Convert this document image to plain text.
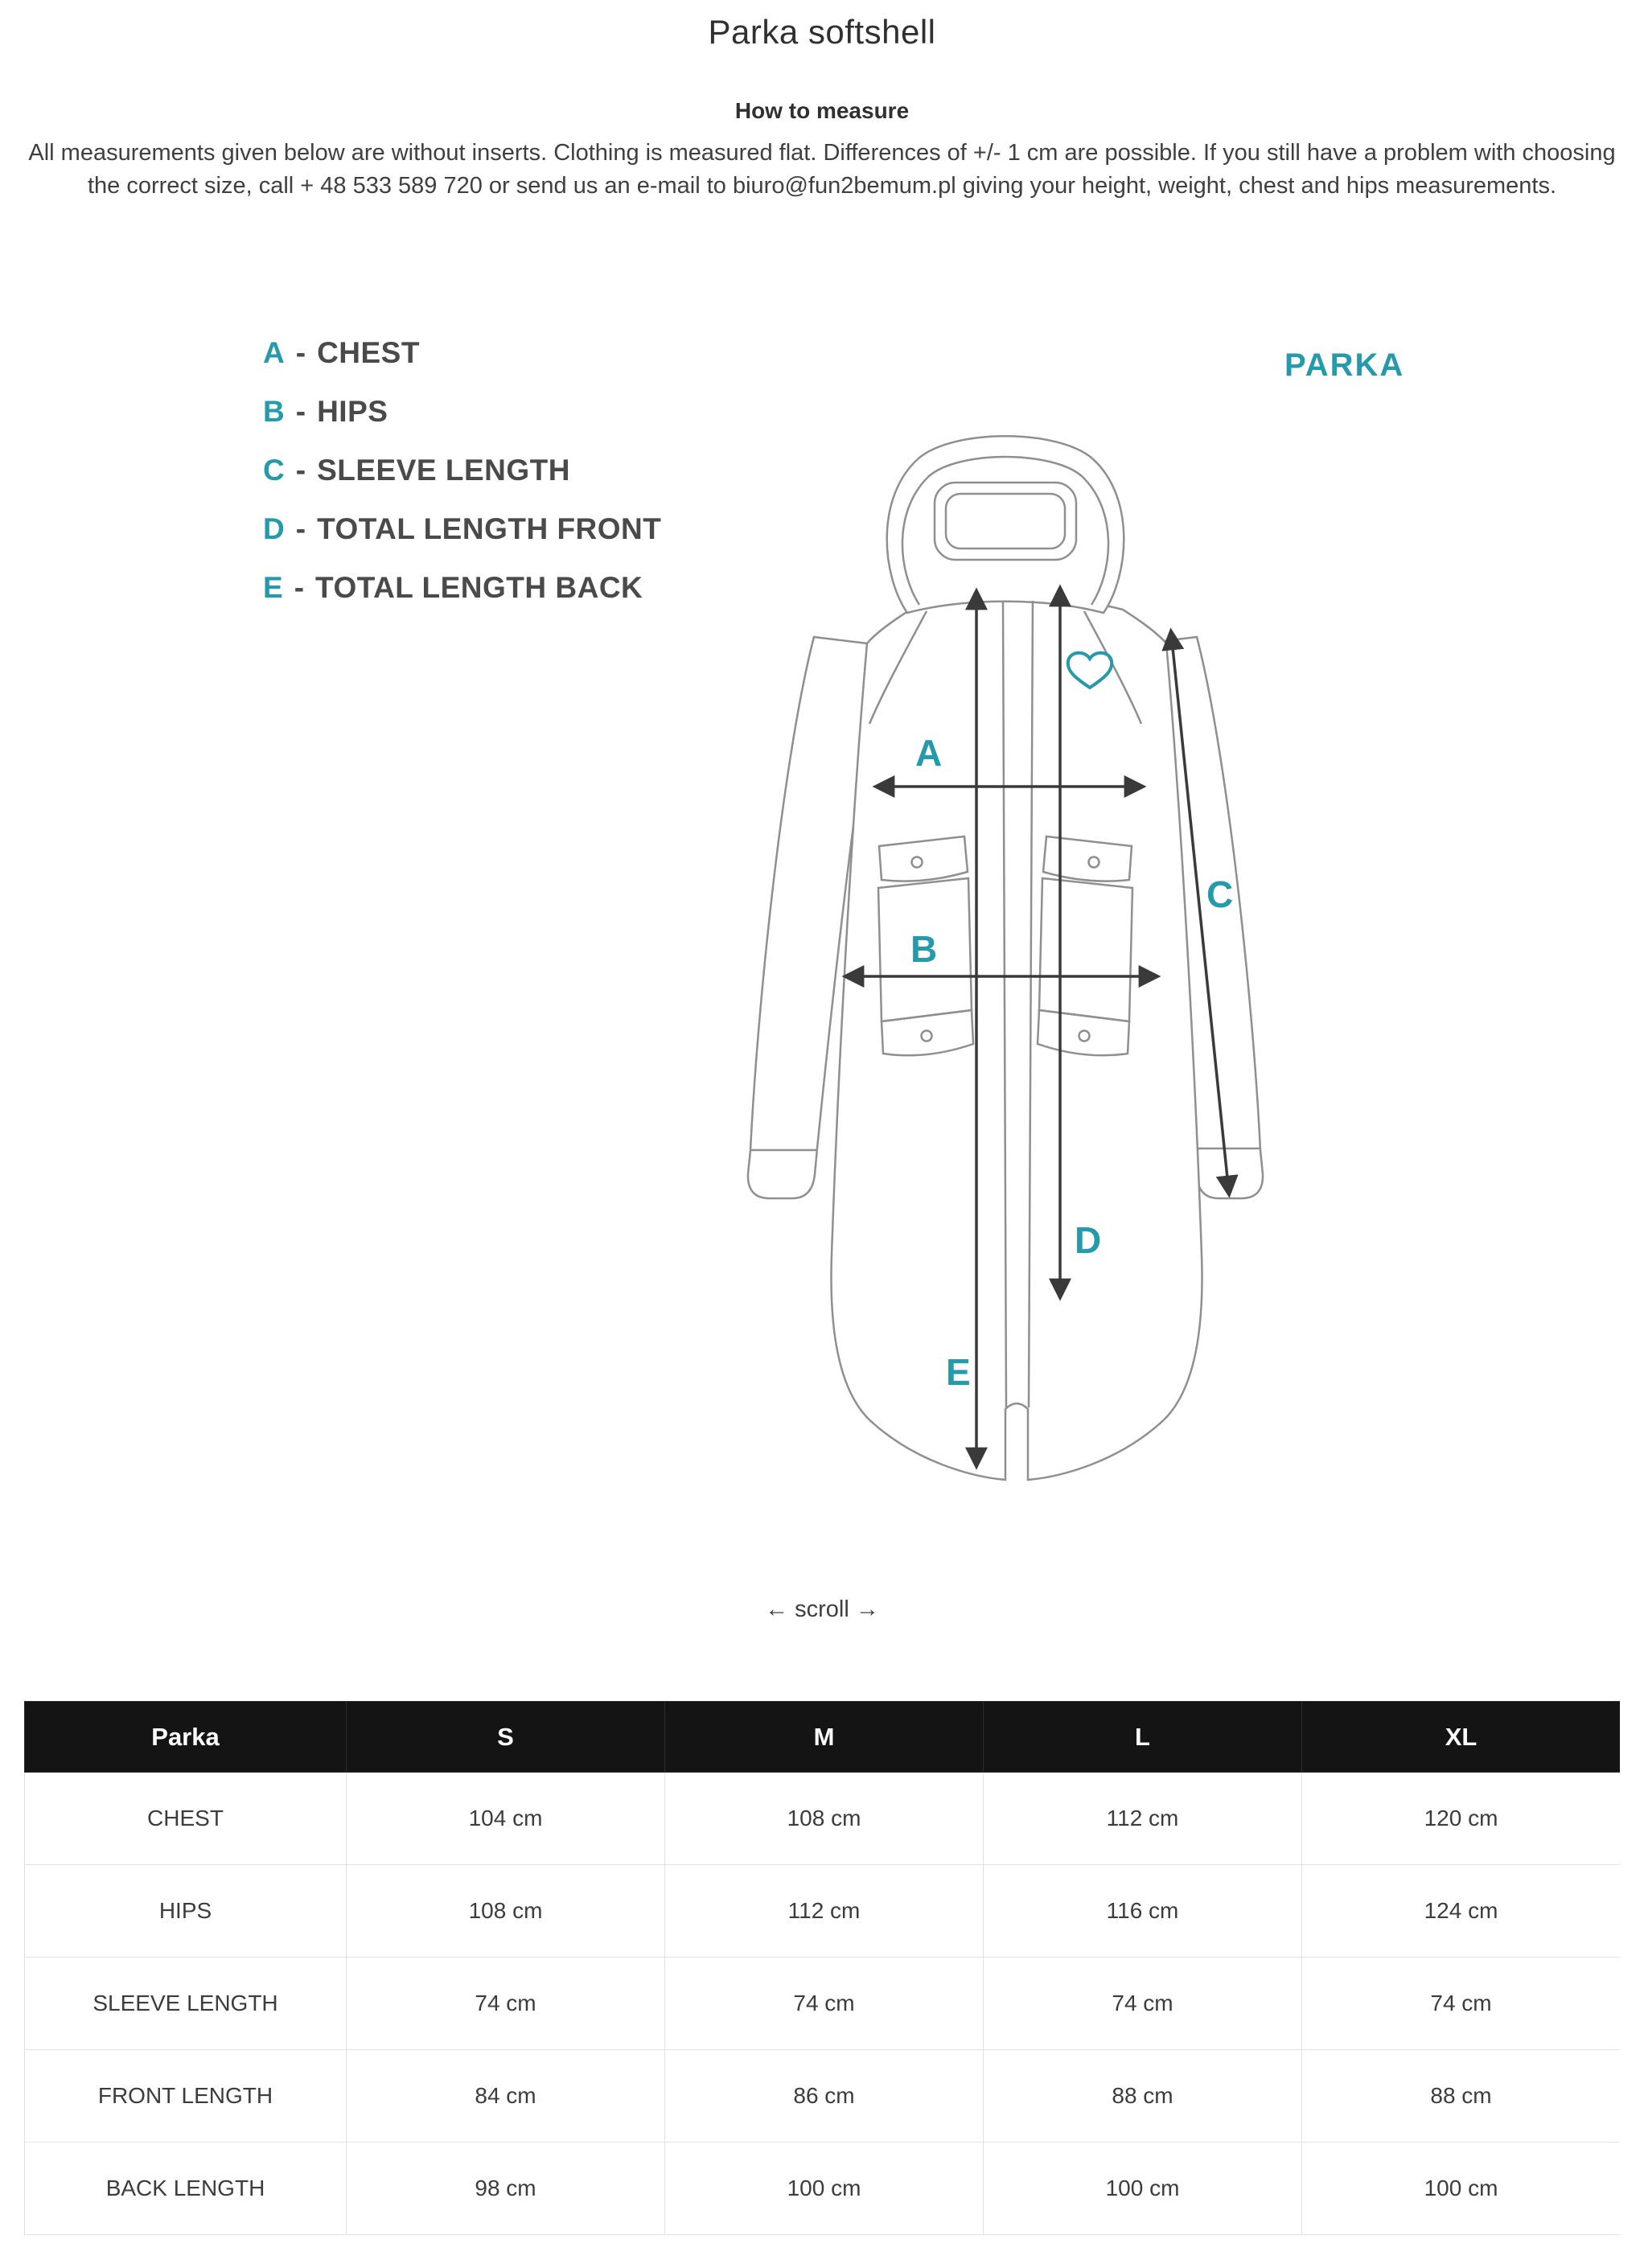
Parka softshell
How to measure

All measurements given below are without inserts. Clothing is measured flat. Differences of +/- 1 cm are possible. If you still have a problem with choosing the correct size, call + 48 533 589 720 or send us an e-mail to biuro@fun2bemum.pl giving your height, weight, chest and hips measurements.

A - CHEST
B - HIPS
C - SLEEVE LENGTH
D - TOTAL LENGTH FRONT
E - TOTAL LENGTH BACK
PARKA
A
B
C
D
E
← scroll →
Parka	S	M	L	XL
CHEST	104 cm	108 cm	112 cm	120 cm
HIPS	108 cm	112 cm	116 cm	124 cm
SLEEVE LENGTH	74 cm	74 cm	74 cm	74 cm
FRONT LENGTH	84 cm	86 cm	88 cm	88 cm
BACK LENGTH	98 cm	100 cm	100 cm	100 cm
